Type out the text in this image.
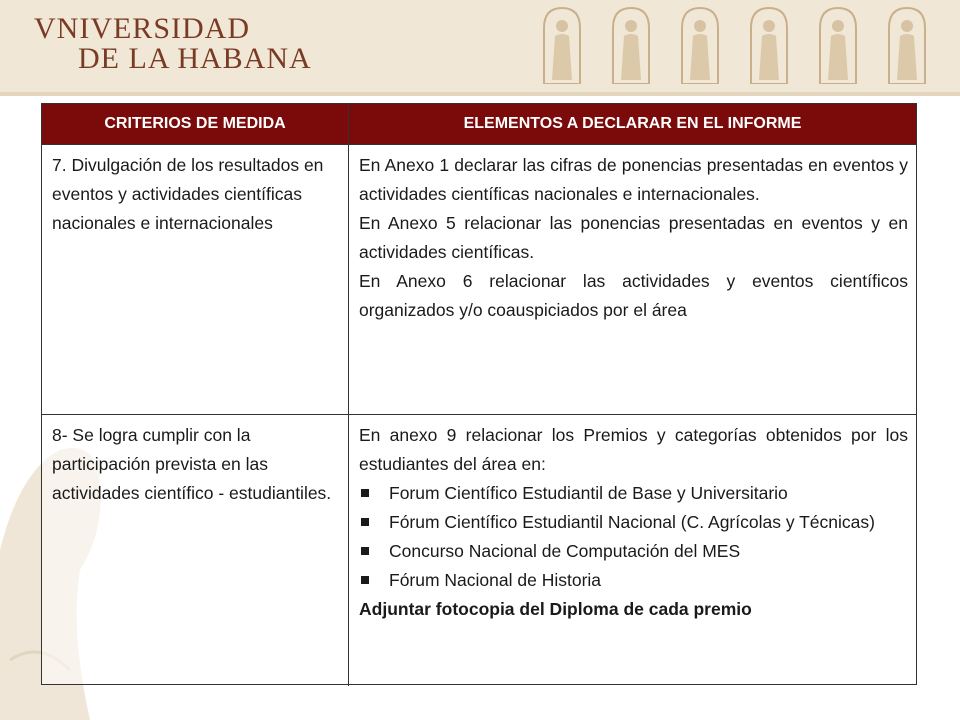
VNIVERSIDAD
DE LA HABANA
CRITERIOS DE MEDIDA	ELEMENTOS A DECLARAR EN EL INFORME
7. Divulgación de los resultados en eventos y actividades científicas nacionales e internacionales

En Anexo 1 declarar las cifras de ponencias presentadas en eventos y actividades científicas nacionales e internacionales.

En Anexo 5 relacionar las ponencias presentadas en eventos y en actividades científicas.

En Anexo 6 relacionar las actividades y eventos científicos organizados y/o coauspiciados por el área

8- Se logra cumplir con la participación prevista en las actividades científico - estudiantiles.

En anexo 9 relacionar los Premios y categorías obtenidos por los estudiantes del área en:

Forum Científico Estudiantil de Base y Universitario
Fórum Científico Estudiantil Nacional (C. Agrícolas y Técnicas)
Concurso Nacional de Computación del MES
Fórum Nacional de Historia

Adjuntar fotocopia del Diploma de cada premio
